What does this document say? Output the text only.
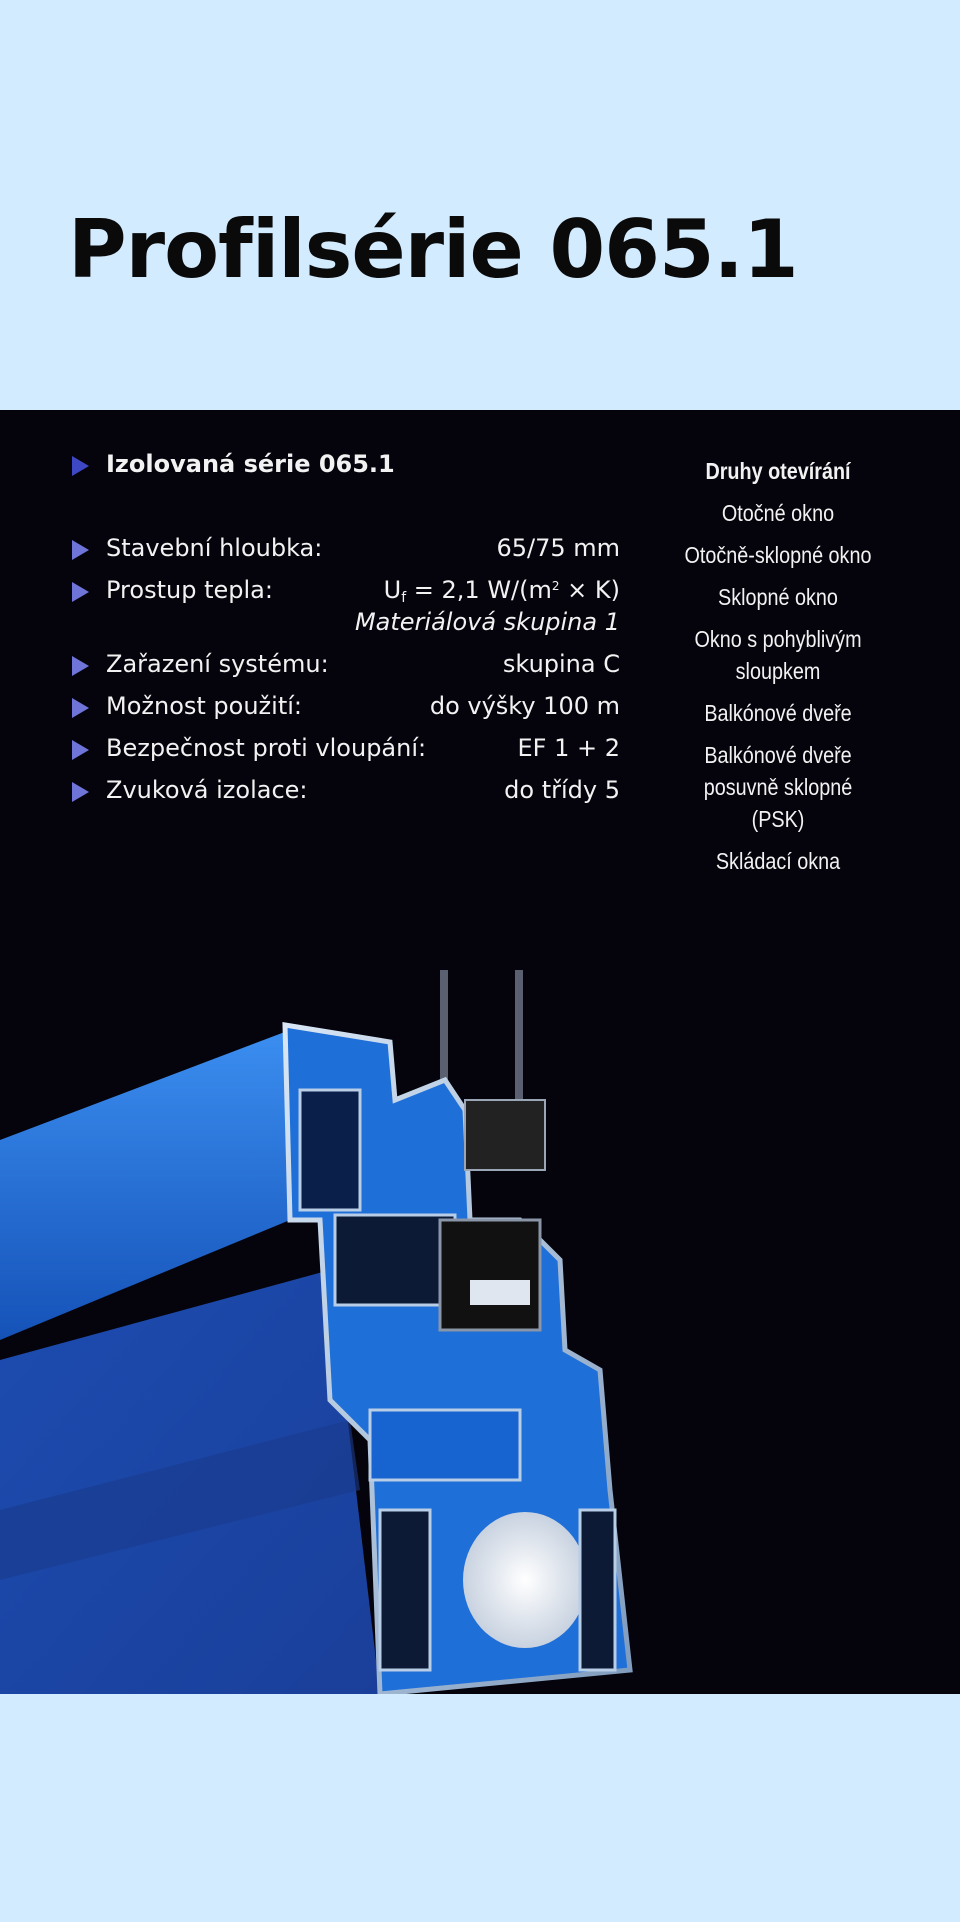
Profilsérie 065.1
Izolovaná série 065.1
Stavební hloubka:	65/75 mm
Prostup tepla:	$U_f = 2,1$ $W/(m^2 \times K)$
Materiálová skupina 1
Zařazení systému:	skupina C
Možnost použití:	do výšky 100 m
Bezpečnost proti vloupání:	EF 1 + 2
Zvuková izolace:	do třídy 5
Druhy otevírání
Otočné okno
Otočně-sklopné okno
Sklopné okno
Okno s pohyblivým sloupkem
Balkónové dveře
Balkónové dveře posuvně sklopné (PSK)
Skládací okna
